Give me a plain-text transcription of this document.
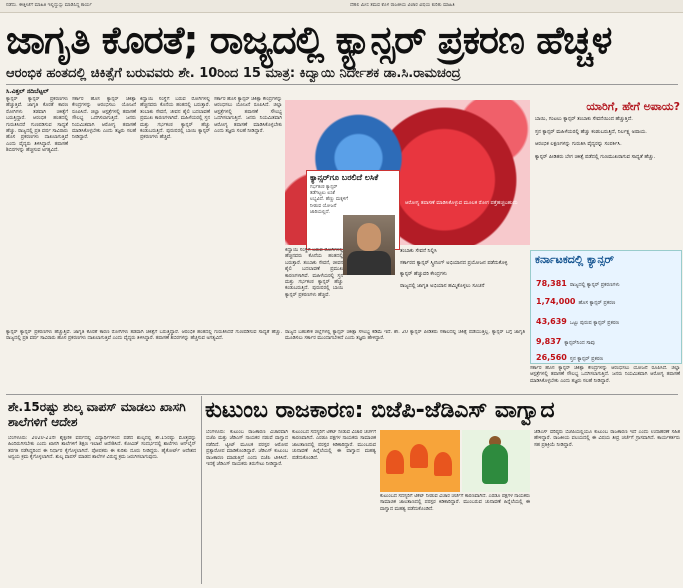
ನಡೆದು. ಈತ್ತೀಚೆಗೆ ಮಾಹಿತಿ ಇಲ್ಲಿದ್ದುಸ್ಸು ಮಾಡಿಸಿದ್ದ ಕಾರ್ಯ	ದೆಹಲಿ ಮೀಸ ತಮವ ಕೊಳ ರಾಜಕೀಯ ವಿಚಾರ ವಿಷಯ ಕುರಿತು ಮಾಹಿತಿ
ಜಾಗೃತಿ ಕೊರತೆ; ರಾಜ್ಯದಲ್ಲಿ ಕ್ಯಾನ್ಸರ್ ಪ್ರಕರಣ ಹೆಚ್ಚಳ
ಆರಂಭಿಕ ಹಂತದಲ್ಲಿ ಚಿಕಿತ್ಸೆಗೆ ಬರುವವರು ಶೇ. 10ರಿಂದ 15 ಮಾತ್ರ: ಕಿದ್ವಾಯಿ ನಿರ್ದೇಶಕ ಡಾ.ಸಿ.ರಾಮಚಂದ್ರ
ಸಿ.ವಿತ್ತಲ್‌ ನದಿಬೆಟ್ಟಲ್‌
ಕ್ಯಾನ್ಸರ್ ಕ್ಯಾನ್ಸರ್ ಪ್ರಕರಣಗಳು ಹೆಚ್ಚುತ್ತಿವೆ. ಜಾಗೃತಿ ಕೊರತೆ ಕಾರಣ ರೋಗಿಗಳು ತಡವಾಗಿ ಚಿಕಿತ್ಸೆಗೆ ಬರುತ್ತಿದ್ದಾರೆ. ಆರಂಭಿಕ ಹಂತದಲ್ಲಿ ಗುರುತಿಸಿದರೆ ಗುಣಪಡಿಸುವ ಸಾಧ್ಯತೆ ಹೆಚ್ಚು. ರಾಜ್ಯದಲ್ಲಿ ಪ್ರತಿ ವರ್ಷ ಸಾವಿರಾರು ಹೊಸ ಪ್ರಕರಣಗಳು ದಾಖಲಾಗುತ್ತಿವೆ ಎಂದು ವೈದ್ಯರು ತಿಳಿಸಿದ್ದಾರೆ. ತಪಾಸಣೆ ಶಿಬಿರಗಳನ್ನು ಹೆಚ್ಚಿಸುವ ಅಗತ್ಯವಿದೆ.
ಸರ್ಕಾರ ಹೊಸ ಕ್ಯಾನ್ಸರ್ ಚಿಕಿತ್ಸಾ ಕೇಂದ್ರಗಳನ್ನು ಆರಂಭಿಸಲು ಯೋಜನೆ ರೂಪಿಸಿದೆ. ಜಿಲ್ಲಾ ಆಸ್ಪತ್ರೆಗಳಲ್ಲಿ ತಪಾಸಣೆ ಸೌಲಭ್ಯ ಒದಗಿಸಲಾಗುತ್ತಿದೆ. ಜನರು ನಿಯಮಿತವಾಗಿ ಆರೋಗ್ಯ ತಪಾಸಣೆ ಮಾಡಿಸಿಕೊಳ್ಳಬೇಕು ಎಂದು ತಜ್ಞರು ಸಲಹೆ ನೀಡಿದ್ದಾರೆ.
ಕಿದ್ವಾಯಿ ಸಂಸ್ಥೆಗೆ ಬರುವ ರೋಗಿಗಳಲ್ಲಿ ಹೆಚ್ಚಿನವರು ಕೊನೆಯ ಹಂತದಲ್ಲಿ ಬರುತ್ತಾರೆ. ತಂಬಾಕು ಸೇವನೆ, ಜೀವನ ಶೈಲಿ ಬದಲಾವಣೆ ಪ್ರಮುಖ ಕಾರಣಗಳಾಗಿವೆ. ಮಹಿಳೆಯರಲ್ಲಿ ಸ್ತನ ಮತ್ತು ಗರ್ಭಕಂಠ ಕ್ಯಾನ್ಸರ್ ಹೆಚ್ಚು ಕಂಡುಬರುತ್ತಿದೆ. ಪುರುಷರಲ್ಲಿ ಬಾಯಿ ಕ್ಯಾನ್ಸರ್ ಪ್ರಕರಣಗಳು ಹೆಚ್ಚಿವೆ.
ಸರ್ಕಾರ ಹೊಸ ಕ್ಯಾನ್ಸರ್ ಚಿಕಿತ್ಸಾ ಕೇಂದ್ರಗಳನ್ನು ಆರಂಭಿಸಲು ಯೋಜನೆ ರೂಪಿಸಿದೆ. ಜಿಲ್ಲಾ ಆಸ್ಪತ್ರೆಗಳಲ್ಲಿ ತಪಾಸಣೆ ಸೌಲಭ್ಯ ಒದಗಿಸಲಾಗುತ್ತಿದೆ. ಜನರು ನಿಯಮಿತವಾಗಿ ಆರೋಗ್ಯ ತಪಾಸಣೆ ಮಾಡಿಸಿಕೊಳ್ಳಬೇಕು ಎಂದು ತಜ್ಞರು ಸಲಹೆ ನೀಡಿದ್ದಾರೆ.
ಆರೋಗ್ಯ ತಪಾಸಣೆ ಮಾಡಿಸಿಕೊಳ್ಳುವ ಮೂಲಕ ರೋಗ ಪತ್ತೆಹಚ್ಚಬಹುದು
ಕ್ಯಾನ್ಸರ್‌ಗೂ ಬರಲಿದೆ ಲಸಿಕೆ
ಗರ್ಭಕಂಠ ಕ್ಯಾನ್ಸರ್ ತಡೆಗಟ್ಟಲು ಲಸಿಕೆ ಲಭ್ಯವಿದೆ. ಹೆಣ್ಣು ಮಕ್ಕಳಿಗೆ ನೀಡುವ ಯೋಜನೆ ಜಾರಿಯಲ್ಲಿದೆ.
ತಂಬಾಕು ಸೇವನೆ ನಿಲ್ಲಿಸಿ
ಸರ್ಕಾರದ ಕ್ಯಾನ್ಸರ್ ಸ್ಕ್ರೀನಿಂಗ್ ಅಭಿಯಾನದ ಪ್ರಯೋಜನ ಪಡೆದುಕೊಳ್ಳಿ
ಕ್ಯಾನ್ಸರ್ ಹೆಚ್ಚುವರಿ ಕೇಂದ್ರಗಳು
ರಾಜ್ಯದಲ್ಲಿ ಜಾಗೃತಿ ಅಭಿಯಾನ ಹಮ್ಮಿಕೊಳ್ಳಲು ಸೂಚನೆ
ಕಿದ್ವಾಯಿ ಸಂಸ್ಥೆಗೆ ಬರುವ ರೋಗಿಗಳಲ್ಲಿ ಹೆಚ್ಚಿನವರು ಕೊನೆಯ ಹಂತದಲ್ಲಿ ಬರುತ್ತಾರೆ. ತಂಬಾಕು ಸೇವನೆ, ಜೀವನ ಶೈಲಿ ಬದಲಾವಣೆ ಪ್ರಮುಖ ಕಾರಣಗಳಾಗಿವೆ. ಮಹಿಳೆಯರಲ್ಲಿ ಸ್ತನ ಮತ್ತು ಗರ್ಭಕಂಠ ಕ್ಯಾನ್ಸರ್ ಹೆಚ್ಚು ಕಂಡುಬರುತ್ತಿದೆ. ಪುರುಷರಲ್ಲಿ ಬಾಯಿ ಕ್ಯಾನ್ಸರ್ ಪ್ರಕರಣಗಳು ಹೆಚ್ಚಿವೆ.
ಯಾರಿಗೆ, ಹೇಗೆ ಅಪಾಯ?
ಬಾಯಿ, ಗಂಟಲು ಕ್ಯಾನ್ಸರ್ ತಂಬಾಕು ಸೇವನೆಯಿಂದ ಹೆಚ್ಚುತ್ತಿದೆ.
ಸ್ತನ ಕ್ಯಾನ್ಸರ್ ಮಹಿಳೆಯರಲ್ಲಿ ಹೆಚ್ಚು ಕಂಡುಬರುತ್ತಿದೆ, ನಿರ್ಲಕ್ಷ್ಯ ಅಪಾಯ.
ಆರಂಭಿಕ ಲಕ್ಷಣಗಳನ್ನು ಗುರುತಿಸಿ ವೈದ್ಯರನ್ನು ಸಂಪರ್ಕಿಸಿ.
ಕ್ಯಾನ್ಸರ್ ಪೀಡಿತರು ಬೇಗ ಚಿಕಿತ್ಸೆ ಪಡೆದಲ್ಲಿ ಗುಣಮುಖರಾಗುವ ಸಾಧ್ಯತೆ ಹೆಚ್ಚು.
ಕರ್ನಾಟಕದಲ್ಲಿ ಕ್ಯಾನ್ಸರ್
78,381 ರಾಜ್ಯದಲ್ಲಿ ಕ್ಯಾನ್ಸರ್ ಪ್ರಕರಣಗಳು
1,74,000 ಹೊಸ ಕ್ಯಾನ್ಸರ್ ಪ್ರಕರಣ
43,639 ಒಟ್ಟು ಪುರುಷ ಕ್ಯಾನ್ಸರ್ ಪ್ರಕರಣ
9,837 ಕ್ಯಾನ್ಸರ್‌ನಿಂದ ಸಾವು
26,560 ಸ್ತನ ಕ್ಯಾನ್ಸರ್ ಪ್ರಕರಣ
ರಾಜ್ಯದ ಬಹುತೇಕ ಜಿಲ್ಲೆಗಳಲ್ಲಿ ಕ್ಯಾನ್ಸರ್ ಚಿಕಿತ್ಸಾ ಸೌಲಭ್ಯ ಕಡಿಮೆ ಇದೆ. ಶೇ. 20 ಕ್ಯಾನ್ಸರ್ ಪೀಡಿತರು ಸಕಾಲದಲ್ಲಿ ಚಿಕಿತ್ಸೆ ಪಡೆಯುತ್ತಿಲ್ಲ. ಕ್ಯಾನ್ಸರ್ ಬಗ್ಗೆ ಜಾಗೃತಿ ಮೂಡಿಸಲು ಸರ್ಕಾರ ಮುಂದಾಗಬೇಕಿದೆ ಎಂದು ತಜ್ಞರು ಹೇಳಿದ್ದಾರೆ.
ಸರ್ಕಾರ ಹೊಸ ಕ್ಯಾನ್ಸರ್ ಚಿಕಿತ್ಸಾ ಕೇಂದ್ರಗಳನ್ನು ಆರಂಭಿಸಲು ಯೋಜನೆ ರೂಪಿಸಿದೆ. ಜಿಲ್ಲಾ ಆಸ್ಪತ್ರೆಗಳಲ್ಲಿ ತಪಾಸಣೆ ಸೌಲಭ್ಯ ಒದಗಿಸಲಾಗುತ್ತಿದೆ. ಜನರು ನಿಯಮಿತವಾಗಿ ಆರೋಗ್ಯ ತಪಾಸಣೆ ಮಾಡಿಸಿಕೊಳ್ಳಬೇಕು ಎಂದು ತಜ್ಞರು ಸಲಹೆ ನೀಡಿದ್ದಾರೆ.
ಕ್ಯಾನ್ಸರ್ ಕ್ಯಾನ್ಸರ್ ಪ್ರಕರಣಗಳು ಹೆಚ್ಚುತ್ತಿವೆ. ಜಾಗೃತಿ ಕೊರತೆ ಕಾರಣ ರೋಗಿಗಳು ತಡವಾಗಿ ಚಿಕಿತ್ಸೆಗೆ ಬರುತ್ತಿದ್ದಾರೆ. ಆರಂಭಿಕ ಹಂತದಲ್ಲಿ ಗುರುತಿಸಿದರೆ ಗುಣಪಡಿಸುವ ಸಾಧ್ಯತೆ ಹೆಚ್ಚು. ರಾಜ್ಯದಲ್ಲಿ ಪ್ರತಿ ವರ್ಷ ಸಾವಿರಾರು ಹೊಸ ಪ್ರಕರಣಗಳು ದಾಖಲಾಗುತ್ತಿವೆ ಎಂದು ವೈದ್ಯರು ತಿಳಿಸಿದ್ದಾರೆ. ತಪಾಸಣೆ ಶಿಬಿರಗಳನ್ನು ಹೆಚ್ಚಿಸುವ ಅಗತ್ಯವಿದೆ.
ಶೇ.15ರಷ್ಟು ಶುಲ್ಕ ವಾಪಸ್ ಮಾಡಲು ಖಾಸಗಿ ಶಾಲೆಗಳಿಗೆ ಆದೇಶ
ಬೆಂಗಳೂರು: 2020-21ನೇ ಶೈಕ್ಷಣಿಕ ವರ್ಷದಲ್ಲಿ ವಿದ್ಯಾರ್ಥಿಗಳಿಂದ ಪಡೆದ ಶುಲ್ಕದಲ್ಲಿ ಶೇ.15ರಷ್ಟು ಮೊತ್ತವನ್ನು ಹಿಂದಿರುಗಿಸಬೇಕು ಎಂದು ಖಾಸಗಿ ಶಾಲೆಗಳಿಗೆ ಶಿಕ್ಷಣ ಇಲಾಖೆ ಆದೇಶಿಸಿದೆ. ಕೋವಿಡ್ ಸಂದರ್ಭದಲ್ಲಿ ಶಾಲೆಗಳು ಆನ್‌ಲೈನ್ ತರಗತಿ ನಡೆಸಿದ್ದರಿಂದ ಈ ನಿರ್ಧಾರ ಕೈಗೊಳ್ಳಲಾಗಿದೆ. ಪೋಷಕರು ಈ ಕುರಿತು ದೂರು ನೀಡಿದ್ದರು. ಹೈಕೋರ್ಟ್ ಆದೇಶದ ಅನ್ವಯ ಕ್ರಮ ಕೈಗೊಳ್ಳಲಾಗಿದೆ. ಶುಲ್ಕ ವಾಪಸ್ ಮಾಡದ ಶಾಲೆಗಳ ವಿರುದ್ಧ ಕ್ರಮ ಜರುಗಿಸಲಾಗುವುದು.
ಕುಟುಂಬ ರಾಜಕಾರಣ: ಬಿಜೆಪಿ-ಜೆಡಿಎಸ್ ವಾಗ್ವಾದ
ಬೆಂಗಳೂರು: ಕುಟುಂಬ ರಾಜಕಾರಣ ವಿಚಾರವಾಗಿ ಬಿಜೆಪಿ ಮತ್ತು ಜೆಡಿಎಸ್ ನಾಯಕರ ನಡುವೆ ವಾಗ್ವಾದ ನಡೆದಿದೆ. ಟ್ವೀಟ್ ಮೂಲಕ ಪರಸ್ಪರ ಆರೋಪ ಪ್ರತ್ಯಾರೋಪ ಮಾಡಿಕೊಂಡಿದ್ದಾರೆ. ಜೆಡಿಎಸ್ ಕುಟುಂಬ ರಾಜಕಾರಣ ಮಾಡುತ್ತಿದೆ ಎಂದು ಬಿಜೆಪಿ ಟೀಕಿಸಿದೆ. ಇದಕ್ಕೆ ಜೆಡಿಎಸ್ ನಾಯಕರು ತಿರುಗೇಟು ನೀಡಿದ್ದಾರೆ.
ಕುಟುಂಬದ ಸದಸ್ಯರಿಗೆ ಟಿಕೆಟ್ ನೀಡುವ ವಿಚಾರ ಚರ್ಚೆಗೆ ಕಾರಣವಾಗಿದೆ. ಎರಡೂ ಪಕ್ಷಗಳ ನಾಯಕರು ಸಾಮಾಜಿಕ ಜಾಲತಾಣದಲ್ಲಿ ಪರಸ್ಪರ ಕಿಡಿಕಾರಿದ್ದಾರೆ. ಮುಂಬರುವ ಚುನಾವಣೆ ಹಿನ್ನೆಲೆಯಲ್ಲಿ ಈ ವಾಗ್ವಾದ ಮಹತ್ವ ಪಡೆದುಕೊಂಡಿದೆ.
ಕುಟುಂಬದ ಸದಸ್ಯರಿಗೆ ಟಿಕೆಟ್ ನೀಡುವ ವಿಚಾರ ಚರ್ಚೆಗೆ ಕಾರಣವಾಗಿದೆ. ಎರಡೂ ಪಕ್ಷಗಳ ನಾಯಕರು ಸಾಮಾಜಿಕ ಜಾಲತಾಣದಲ್ಲಿ ಪರಸ್ಪರ ಕಿಡಿಕಾರಿದ್ದಾರೆ. ಮುಂಬರುವ ಚುನಾವಣೆ ಹಿನ್ನೆಲೆಯಲ್ಲಿ ಈ ವಾಗ್ವಾದ ಮಹತ್ವ ಪಡೆದುಕೊಂಡಿದೆ.
ಜೆಡಿಎಸ್ ವರಿಷ್ಠರು ಬಿಜೆಪಿಯಲ್ಲಿಯೂ ಕುಟುಂಬ ರಾಜಕಾರಣ ಇದೆ ಎಂದು ಉದಾಹರಣೆ ಸಹಿತ ಹೇಳಿದ್ದಾರೆ. ರಾಜಕೀಯ ವಲಯದಲ್ಲಿ ಈ ವಿಷಯ ತೀವ್ರ ಚರ್ಚೆಗೆ ಗ್ರಾಸವಾಗಿದೆ. ಕಾರ್ಯಕರ್ತರು ಸಹ ಪ್ರತಿಕ್ರಿಯೆ ನೀಡಿದ್ದಾರೆ.
